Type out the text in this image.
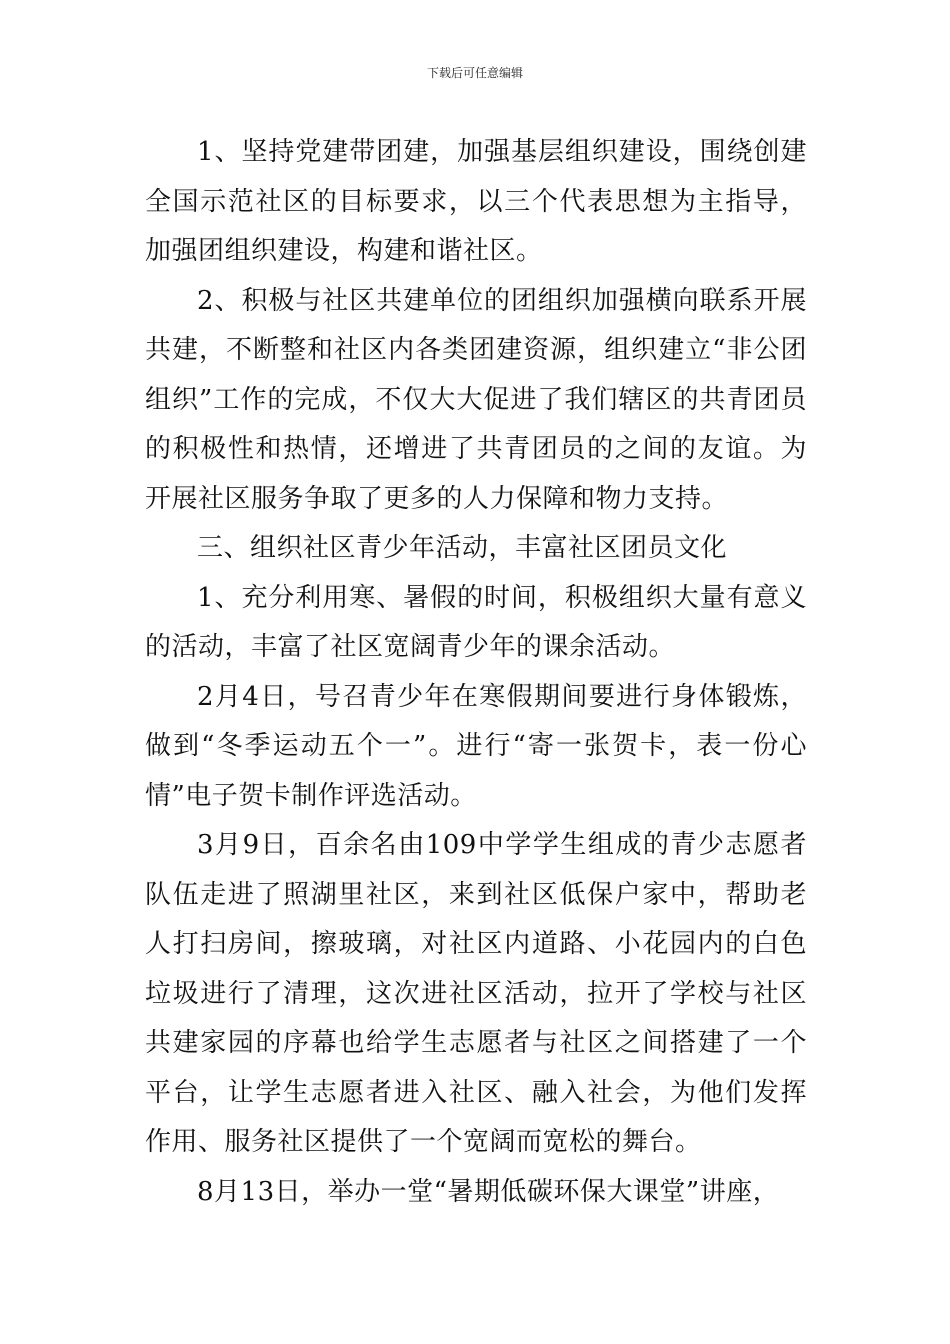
下载后可任意编辑

1、坚持党建带团建，加强基层组织建设，围绕创建全国示范社区的目标要求，以三个代表思想为主指导，加强团组织建设，构建和谐社区。

2、积极与社区共建单位的团组织加强横向联系开展共建，不断整和社区内各类团建资源，组织建立“非公团组织”工作的完成，不仅大大促进了我们辖区的共青团员的积极性和热情，还增进了共青团员的之间的友谊。为开展社区服务争取了更多的人力保障和物力支持。

三、组织社区青少年活动，丰富社区团员文化

1、充分利用寒、暑假的时间，积极组织大量有意义的活动，丰富了社区宽阔青少年的课余活动。

2月4日，号召青少年在寒假期间要进行身体锻炼，做到“冬季运动五个一”。进行“寄一张贺卡，表一份心情”电子贺卡制作评选活动。

3月9日，百余名由109中学学生组成的青少志愿者队伍走进了照湖里社区，来到社区低保户家中，帮助老人打扫房间，擦玻璃，对社区内道路、小花园内的白色垃圾进行了清理，这次进社区活动，拉开了学校与社区共建家园的序幕也给学生志愿者与社区之间搭建了一个平台，让学生志愿者进入社区、融入社会，为他们发挥作用、服务社区提供了一个宽阔而宽松的舞台。

8月13日，举办一堂“暑期低碳环保大课堂”讲座，
